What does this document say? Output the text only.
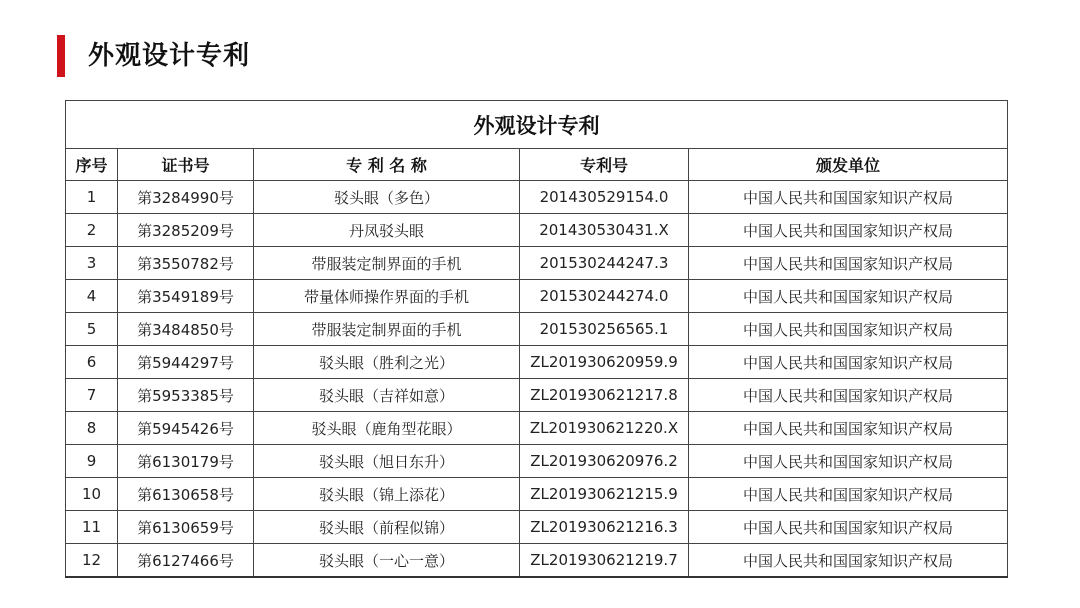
外观设计专利
外观设计专利				
序号	证书号	专 利 名 称	专利号	颁发单位
1	第3284990号	驳头眼（多色）	201430529154.0	中国人民共和国国家知识产权局
2	第3285209号	丹凤驳头眼	201430530431.X	中国人民共和国国家知识产权局
3	第3550782号	带服装定制界面的手机	201530244247.3	中国人民共和国国家知识产权局
4	第3549189号	带量体师操作界面的手机	201530244274.0	中国人民共和国国家知识产权局
5	第3484850号	带服装定制界面的手机	201530256565.1	中国人民共和国国家知识产权局
6	第5944297号	驳头眼（胜利之光）	ZL201930620959.9	中国人民共和国国家知识产权局
7	第5953385号	驳头眼（吉祥如意）	ZL201930621217.8	中国人民共和国国家知识产权局
8	第5945426号	驳头眼（鹿角型花眼）	ZL201930621220.X	中国人民共和国国家知识产权局
9	第6130179号	驳头眼（旭日东升）	ZL201930620976.2	中国人民共和国国家知识产权局
10	第6130658号	驳头眼（锦上添花）	ZL201930621215.9	中国人民共和国国家知识产权局
11	第6130659号	驳头眼（前程似锦）	ZL201930621216.3	中国人民共和国国家知识产权局
12	第6127466号	驳头眼（一心一意）	ZL201930621219.7	中国人民共和国国家知识产权局
